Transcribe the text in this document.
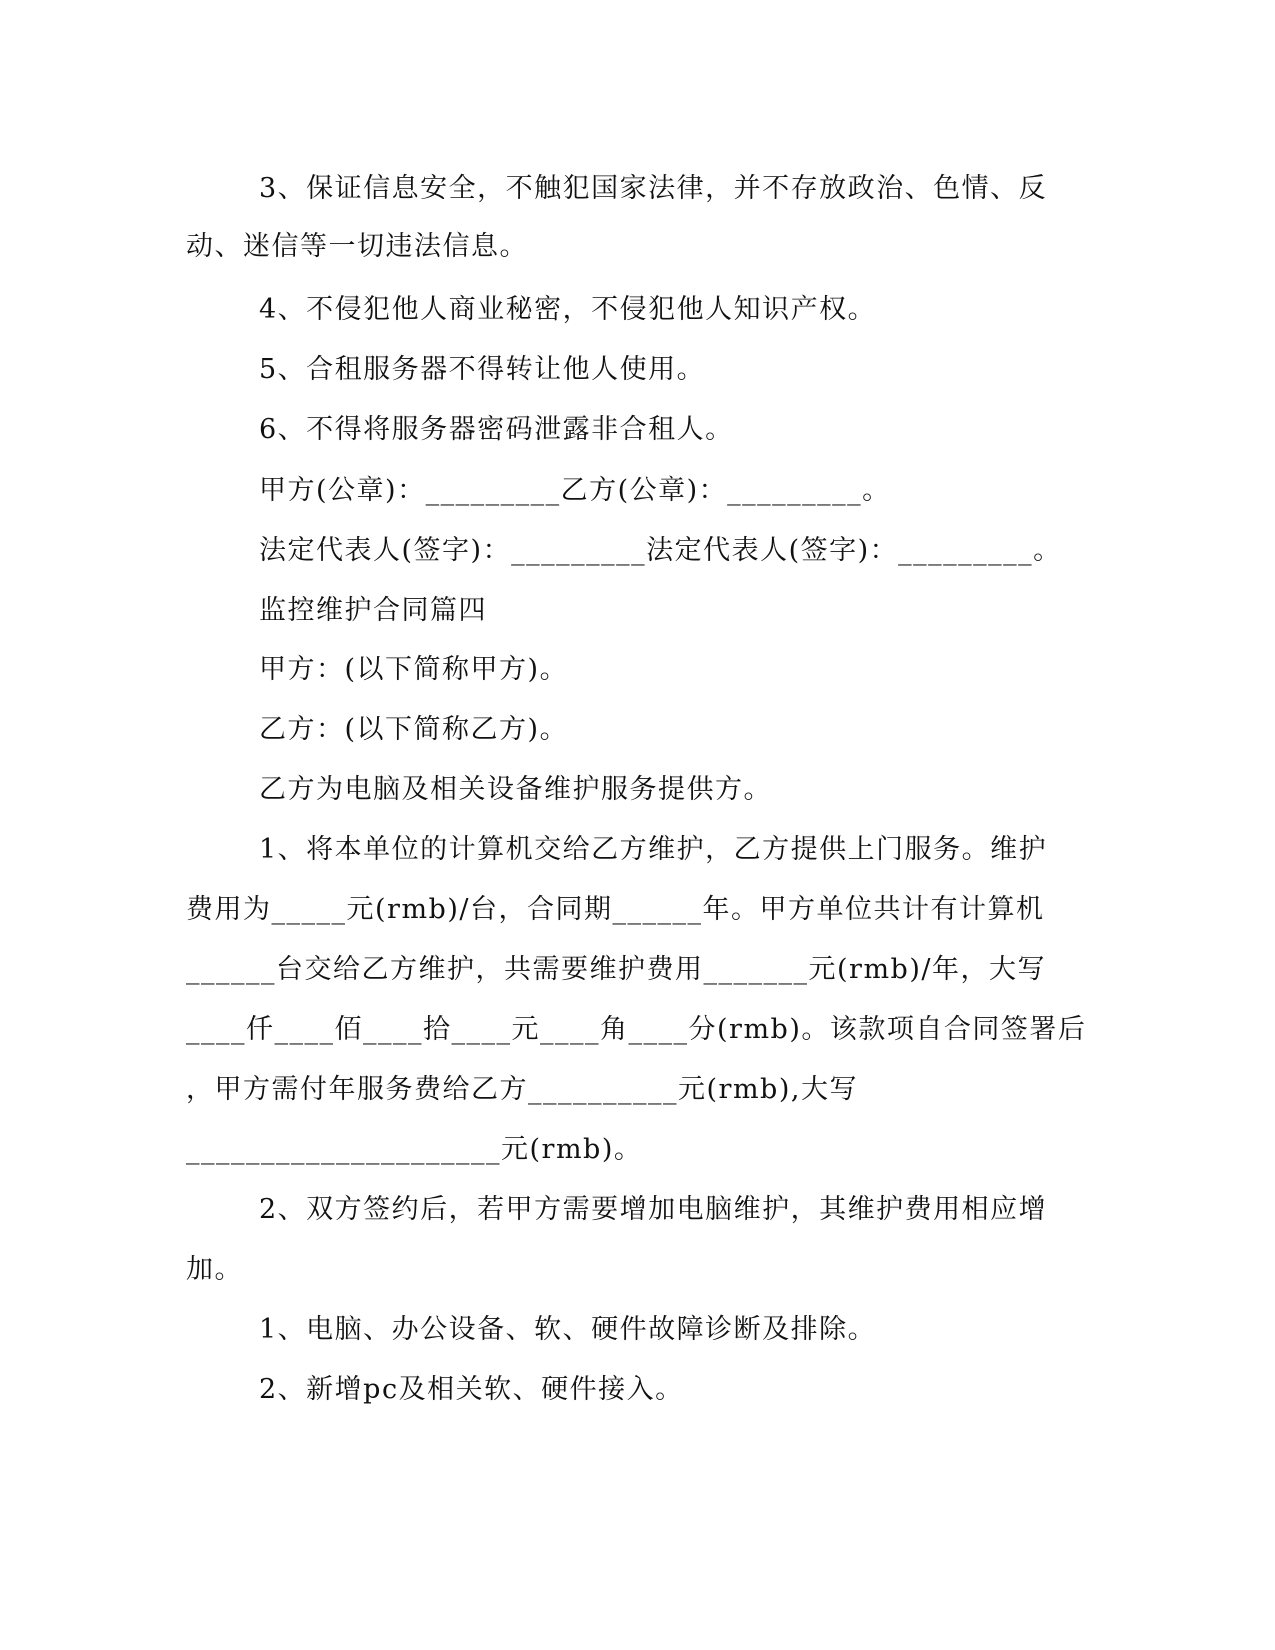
3、保证信息安全，不触犯国家法律，并不存放政治、色情、反
动、迷信等一切违法信息。
4、不侵犯他人商业秘密，不侵犯他人知识产权。
5、合租服务器不得转让他人使用。
6、不得将服务器密码泄露非合租人。
甲方(公章)：_________乙方(公章)：_________。
法定代表人(签字)：_________法定代表人(签字)：_________。
监控维护合同篇四
甲方：(以下简称甲方)。
乙方：(以下简称乙方)。
乙方为电脑及相关设备维护服务提供方。
1、将本单位的计算机交给乙方维护，乙方提供上门服务。维护
费用为_____元(rmb)/台，合同期______年。甲方单位共计有计算机
______台交给乙方维护，共需要维护费用_______元(rmb)/年，大写
____仟____佰____拾____元____角____分(rmb)。该款项自合同签署后
，甲方需付年服务费给乙方__________元(rmb),大写
_____________________元(rmb)。
2、双方签约后，若甲方需要增加电脑维护，其维护费用相应增
加。
1、电脑、办公设备、软、硬件故障诊断及排除。
2、新增pc及相关软、硬件接入。
